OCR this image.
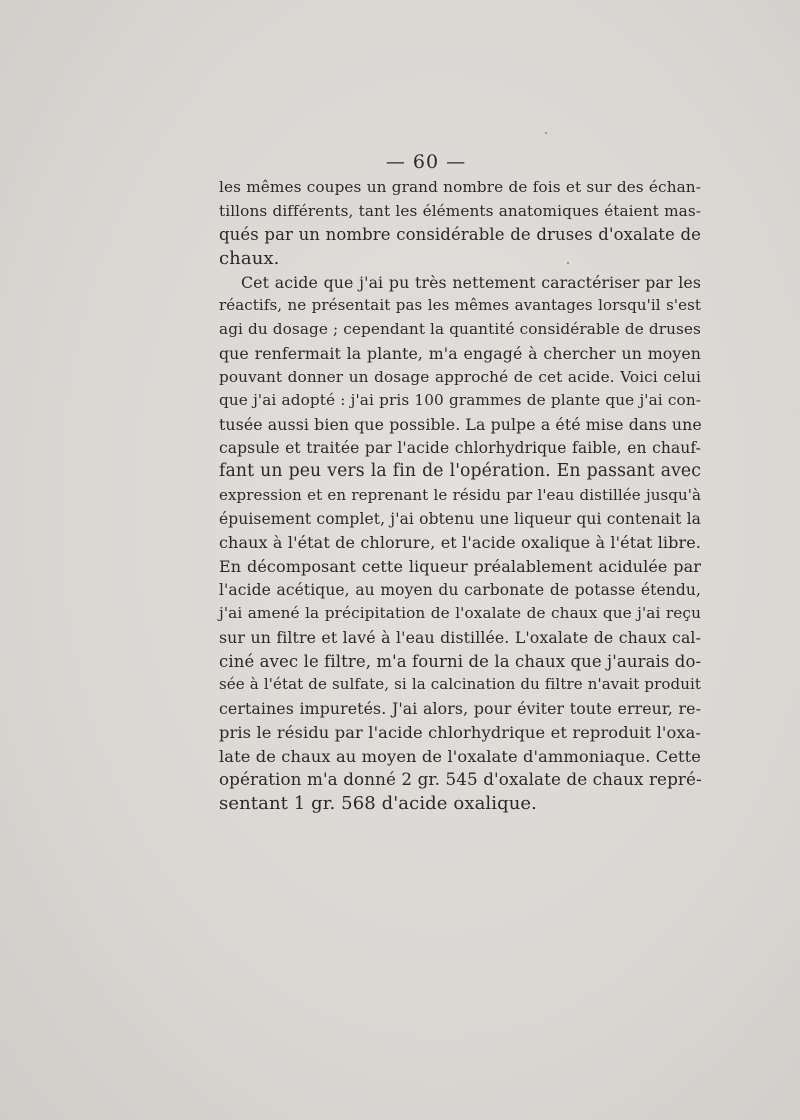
— 60 —
les mêmes coupes un grand nombre de fois et sur des échan-
tillons différents, tant les éléments anatomiques étaient mas-
qués par un nombre considérable de druses d'oxalate de
chaux.
Cet acide que j'ai pu très nettement caractériser par les
réactifs, ne présentait pas les mêmes avantages lorsqu'il s'est
agi du dosage ; cependant la quantité considérable de druses
que renfermait la plante, m'a engagé à chercher un moyen
pouvant donner un dosage approché de cet acide. Voici celui
que j'ai adopté : j'ai pris 100 grammes de plante que j'ai con-
tusée aussi bien que possible. La pulpe a été mise dans une
capsule et traitée par l'acide chlorhydrique faible, en chauf-
fant un peu vers la fin de l'opération. En passant avec
expression et en reprenant le résidu par l'eau distillée jusqu'à
épuisement complet, j'ai obtenu une liqueur qui contenait la
chaux à l'état de chlorure, et l'acide oxalique à l'état libre.
En décomposant cette liqueur préalablement acidulée par
l'acide acétique, au moyen du carbonate de potasse étendu,
j'ai amené la précipitation de l'oxalate de chaux que j'ai reçu
sur un filtre et lavé à l'eau distillée. L'oxalate de chaux cal-
ciné avec le filtre, m'a fourni de la chaux que j'aurais do-
sée à l'état de sulfate, si la calcination du filtre n'avait produit
certaines impuretés. J'ai alors, pour éviter toute erreur, re-
pris le résidu par l'acide chlorhydrique et reproduit l'oxa-
late de chaux au moyen de l'oxalate d'ammoniaque. Cette
opération m'a donné 2 gr. 545 d'oxalate de chaux repré-
sentant 1 gr. 568 d'acide oxalique.
